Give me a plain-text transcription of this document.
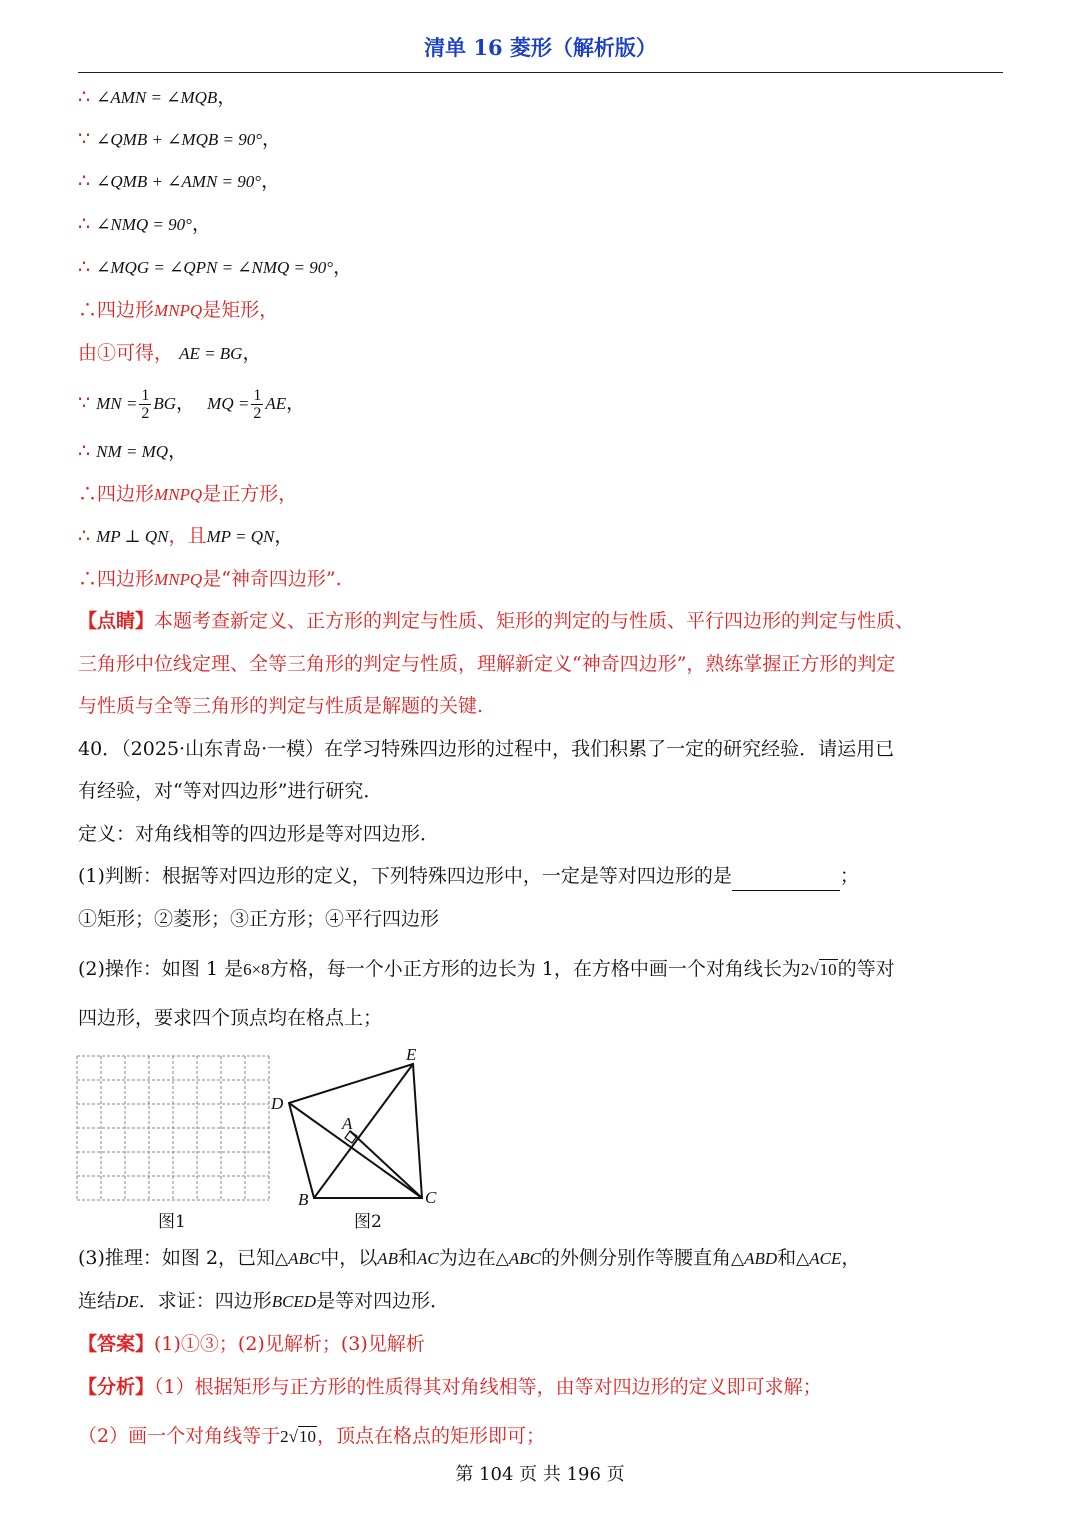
清单 16 菱形（解析版）
∴ ∠AMN = ∠MQB，
∵ ∠QMB + ∠MQB = 90°，
∴ ∠QMB + ∠AMN = 90°，
∴ ∠NMQ = 90°，
∴ ∠MQG = ∠QPN = ∠NMQ = 90°，
∴四边形MNPQ是矩形，
由①可得， AE = BG，
∵ MN = $\frac{1}{2}$ BG， MQ = $\frac{1}{2}$ AE，
∴ NM = MQ，
∴四边形MNPQ是正方形，
∴ MP ⊥ QN，且MP = QN，
∴四边形MNPQ是“神奇四边形”.
【点睛】本题考查新定义、正方形的判定与性质、矩形的判定的与性质、平行四边形的判定与性质、
三角形中位线定理、全等三角形的判定与性质，理解新定义“神奇四边形”，熟练掌握正方形的判定
与性质与全等三角形的判定与性质是解题的关键.
40．（2025·山东青岛·一模）在学习特殊四边形的过程中，我们积累了一定的研究经验．请运用已
有经验，对“等对四边形”进行研究．
定义：对角线相等的四边形是等对四边形．
(1)判断：根据等对四边形的定义，下列特殊四边形中，一定是等对四边形的是	；
①矩形；②菱形；③正方形；④平行四边形
(2)操作：如图 1 是6×8方格，每一个小正方形的边长为 1，在方格中画一个对角线长为2√10的等对
四边形，要求四个顶点均在格点上；
图1
D
E
A
B	C
图2
(3)推理：如图 2，已知△ABC中，以AB和AC为边在△ABC的外侧分别作等腰直角△ABD和△ACE，
连结DE．求证：四边形BCED是等对四边形．
【答案】(1)①③；(2)见解析；(3)见解析
【分析】（1）根据矩形与正方形的性质得其对角线相等，由等对四边形的定义即可求解；
（2）画一个对角线等于2√10，顶点在格点的矩形即可；
第 104 页 共 196 页
